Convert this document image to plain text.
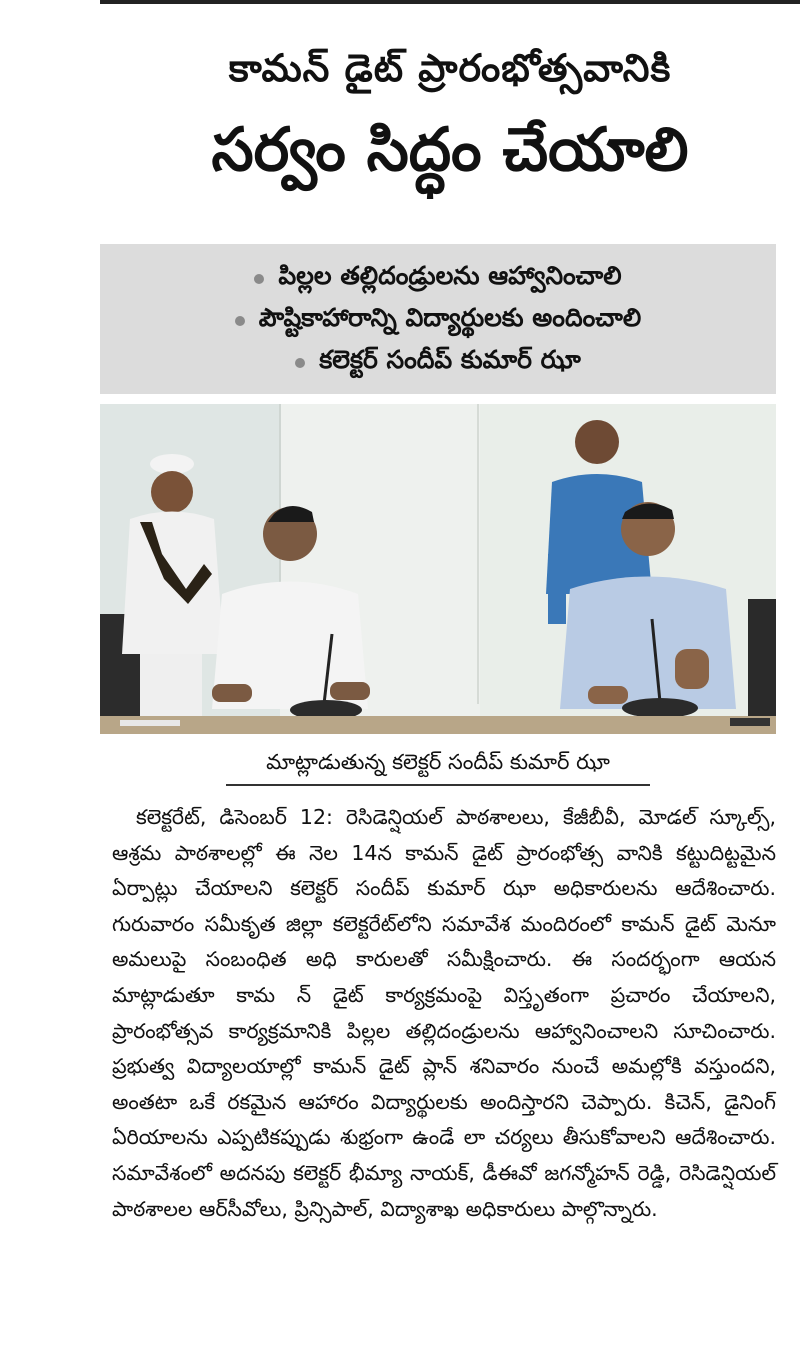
కామన్ డైట్ ప్రారంభోత్సవానికి
సర్వం సిద్ధం చేయాలి
పిల్లల తల్లిదండ్రులను ఆహ్వానించాలి
పౌష్టికాహారాన్ని విద్యార్థులకు అందించాలి
కలెక్టర్ సందీప్ కుమార్ ఝా
మాట్లాడుతున్న కలెక్టర్ సందీప్ కుమార్ ఝా
కలెక్టరేట్, డిసెంబర్ 12: రెసిడెన్షియల్ పాఠశాలలు, కేజీబీవీ, మోడల్ స్కూల్స్, ఆశ్రమ పాఠశాలల్లో ఈ నెల 14న కామన్ డైట్ ప్రారంభోత్స వానికి కట్టుదిట్టమైన ఏర్పాట్లు చేయాలని కలెక్టర్ సందీప్ కుమార్ ఝా అధికారులను ఆదేశించారు. గురువారం సమీకృత జిల్లా కలెక్టరేట్‌లోని సమావేశ మందిరంలో కామన్ డైట్ మెనూ అమలుపై సంబంధిత అధి కారులతో సమీక్షించారు. ఈ సందర్భంగా ఆయన మాట్లాడుతూ కామ న్ డైట్ కార్యక్రమంపై విస్తృతంగా ప్రచారం చేయాలని, ప్రారంభోత్సవ కార్యక్రమానికి పిల్లల తల్లిదండ్రులను ఆహ్వానించాలని సూచించారు. ప్రభుత్వ విద్యాలయాల్లో కామన్ డైట్ ప్లాన్ శనివారం నుంచే అమల్లోకి వస్తుందని, అంతటా ఒకే రకమైన ఆహారం విద్యార్థులకు అందిస్తారని చెప్పారు. కిచెన్, డైనింగ్ ఏరియాలను ఎప్పటికప్పుడు శుభ్రంగా ఉండే లా చర్యలు తీసుకోవాలని ఆదేశించారు. సమావేశంలో అదనపు కలెక్టర్ భీమ్యా నాయక్, డీఈవో జగన్మోహన్ రెడ్డి, రెసిడెన్షియల్ పాఠశాలల ఆర్‌సీవోలు, ప్రిన్సిపాల్, విద్యాశాఖ అధికారులు పాల్గొన్నారు.
